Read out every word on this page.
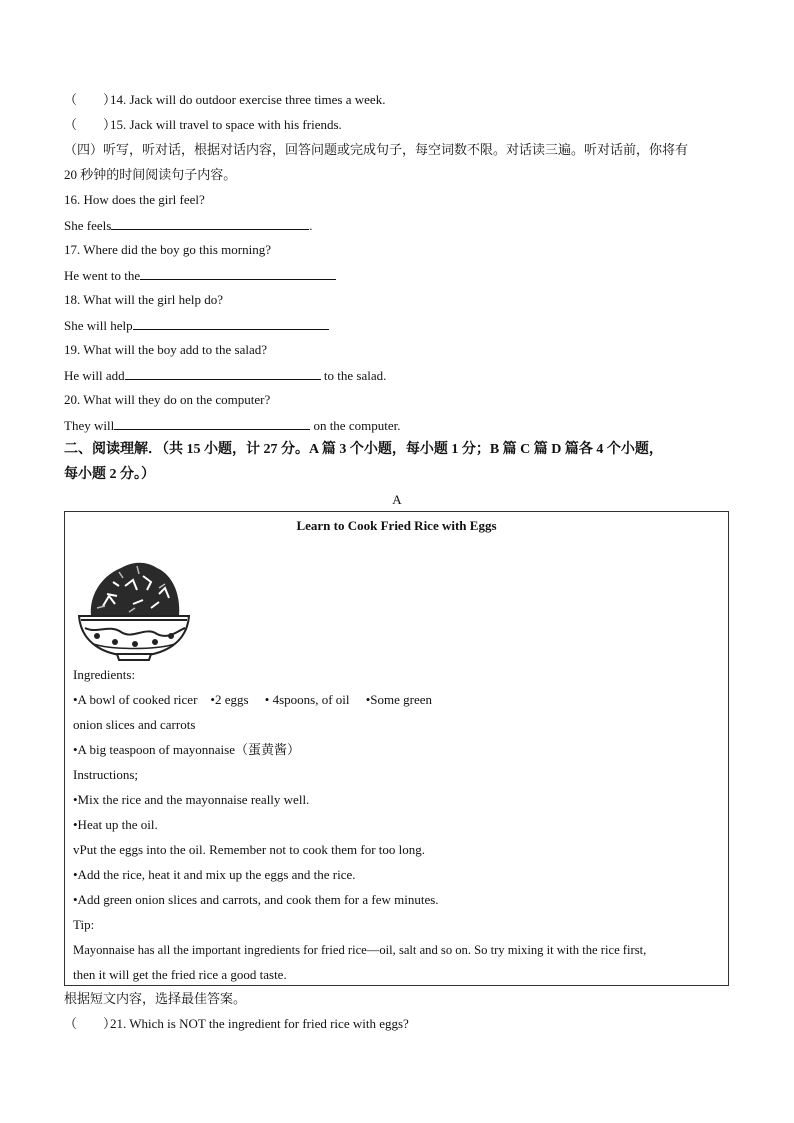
（　　）14. Jack will do outdoor exercise three times a week.
（　　）15. Jack will travel to space with his friends.
（四）听写，听对话，根据对话内容，回答问题或完成句子，每空词数不限。对话读三遍。听对话前，你将有
20 秒钟的时间阅读句子内容。
16. How does the girl feel?
She feels	.
17. Where did the boy go this morning?
He went to the
18. What will the girl help do?
She will help
19. What will the boy add to the salad?
He will add	to the salad.
20. What will they do on the computer?
They will	on the computer.
二、阅读理解．（共 15 小题，计 27 分。A 篇 3 个小题，每小题 1 分；B 篇 C 篇 D 篇各 4 个小题，
每小题 2 分。）
A
Learn to Cook Fried Rice with Eggs
Ingredients:
•A bowl of cooked ricer　•2 eggs　 • 4spoons, of oil　 •Some green
onion slices and carrots
•A big teaspoon of mayonnaise（蛋黄酱）
Instructions;
•Mix the rice and the mayonnaise really well.
•Heat up the oil.
vPut the eggs into the oil. Remember not to cook them for too long.
•Add the rice, heat it and mix up the eggs and the rice.
•Add green onion slices and carrots, and cook them for a few minutes.
Tip:
Mayonnaise has all the important ingredients for fried rice—oil, salt and so on. So try mixing it with the rice first,
then it will get the fried rice a good taste.
根据短文内容，选择最佳答案。
（　　）21. Which is NOT the ingredient for fried rice with eggs?
